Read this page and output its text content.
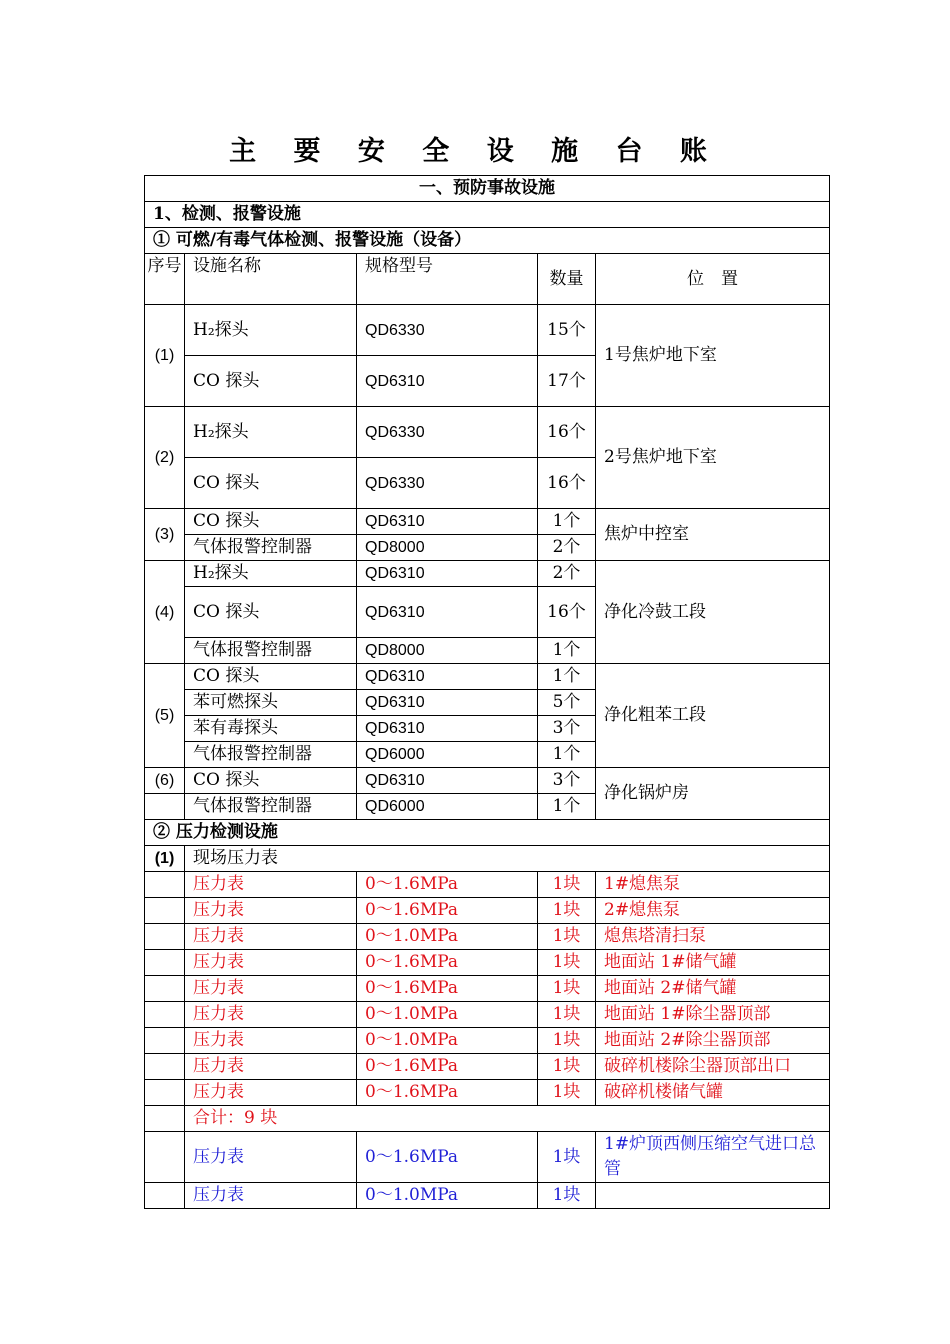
主 要 安 全 设 施 台 账
一、预防事故设施				
1、检测、报警设施				
① 可燃/有毒气体检测、报警设施（设备）				
序号	设施名称	规格型号	数量	位　置
(1)	H₂探头	QD6330	15个	1号焦炉地下室
	CO 探头	QD6310	17个	
(2)	H₂探头	QD6330	16个	2号焦炉地下室
	CO 探头	QD6330	16个	
(3)	CO 探头	QD6310	1个	焦炉中控室
	气体报警控制器	QD8000	2个	
(4)	H₂探头	QD6310	2个	净化冷鼓工段
	CO 探头	QD6310	16个	
	气体报警控制器	QD8000	1个	
(5)	CO 探头	QD6310	1个	净化粗苯工段
	苯可燃探头	QD6310	5个	
	苯有毒探头	QD6310	3个	
	气体报警控制器	QD6000	1个	
(6)	CO 探头	QD6310	3个	净化锅炉房
	气体报警控制器	QD6000	1个	
② 压力检测设施				
(1)	现场压力表			
	压力表	0～1.6MPa	1块	1#熄焦泵
	压力表	0～1.6MPa	1块	2#熄焦泵
	压力表	0～1.0MPa	1块	熄焦塔清扫泵
	压力表	0～1.6MPa	1块	地面站 1#储气罐
	压力表	0～1.6MPa	1块	地面站 2#储气罐
	压力表	0～1.0MPa	1块	地面站 1#除尘器顶部
	压力表	0～1.0MPa	1块	地面站 2#除尘器顶部
	压力表	0～1.6MPa	1块	破碎机楼除尘器顶部出口
	压力表	0～1.6MPa	1块	破碎机楼储气罐
	合计：9 块			
	压力表	0～1.6MPa	1块	1#炉顶西侧压缩空气进口总管
	压力表	0～1.0MPa	1块	
